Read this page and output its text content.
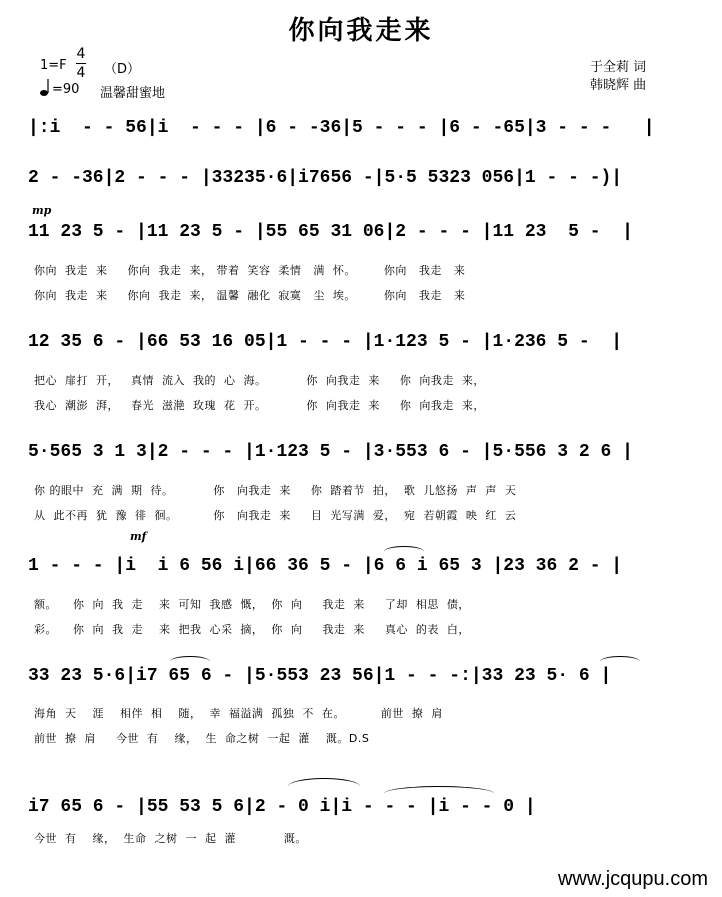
你向我走来
1=F
4
4 （D）
=90 温馨甜蜜地
于全莉 词
韩晓辉 曲
|:i  - - 56|i  - - - |6 - -36|5 - - - |6 - -65|3 - - -   |
2 - -36|2 - - - |33235·6|i7656 -|5·5 5323 056|1 - - -)|
mp
11 23 5 - |11 23 5 - |55 65 31 06|2 - - - |11 23  5 -  |
你向  我走  来     你向  我走  来， 带着  笑容  柔情   满  怀。       你向   我走   来
你向  我走  来     你向  我走  来， 温馨  融化  寂寞   尘  埃。       你向   我走   来
12 35 6 - |66 53 16 05|1 - - - |1·123 5 - |1·236 5 -  |
把心  扉打  开，   真情  流入  我的  心  海。          你  向我走  来     你  向我走  来，
我心  潮澎  湃，   春光  滋滟  玫瑰  花  开。          你  向我走  来     你  向我走  来，
5·565 3 1 3|2 - - - |1·123 5 - |3·553 6 - |5·556 3 2 6 |
你 的眼中  充  满  期  待。          你   向我走  来     你  踏着节  拍，  歌  儿悠扬  声  声  天
从  此不再  犹  豫  徘  徊。         你   向我走  来     目  光写满  爱，  宛  若朝霞  映  红  云
mf
1 - - - |i  i 6 56 i|66 36 5 - |6 6 i 65 3 |23 36 2 - |
额。    你  向  我  走    来  可知  我感  慨，  你  向     我走  来     了却  相思  债，
彩。    你  向  我  走    来  把我  心采  摘，  你  向     我走  来     真心  的表  白，
33 23 5·6|i7 65 6 - |5·553 23 56|1 - - -:|33 23 5· 6 |
海角  天    涯    相伴  相    随，  幸  福溢满  孤独  不  在。         前世  撩  肩
前世  撩  肩     今世  有    缘，  生  命之树  一起  灌    溉。D.S
i7 65 6 - |55 53 5 6|2 - 0 i|i - - - |i - - 0 |
今世  有    缘，  生命  之树  一  起  灌            溉。
www.jcqupu.com
